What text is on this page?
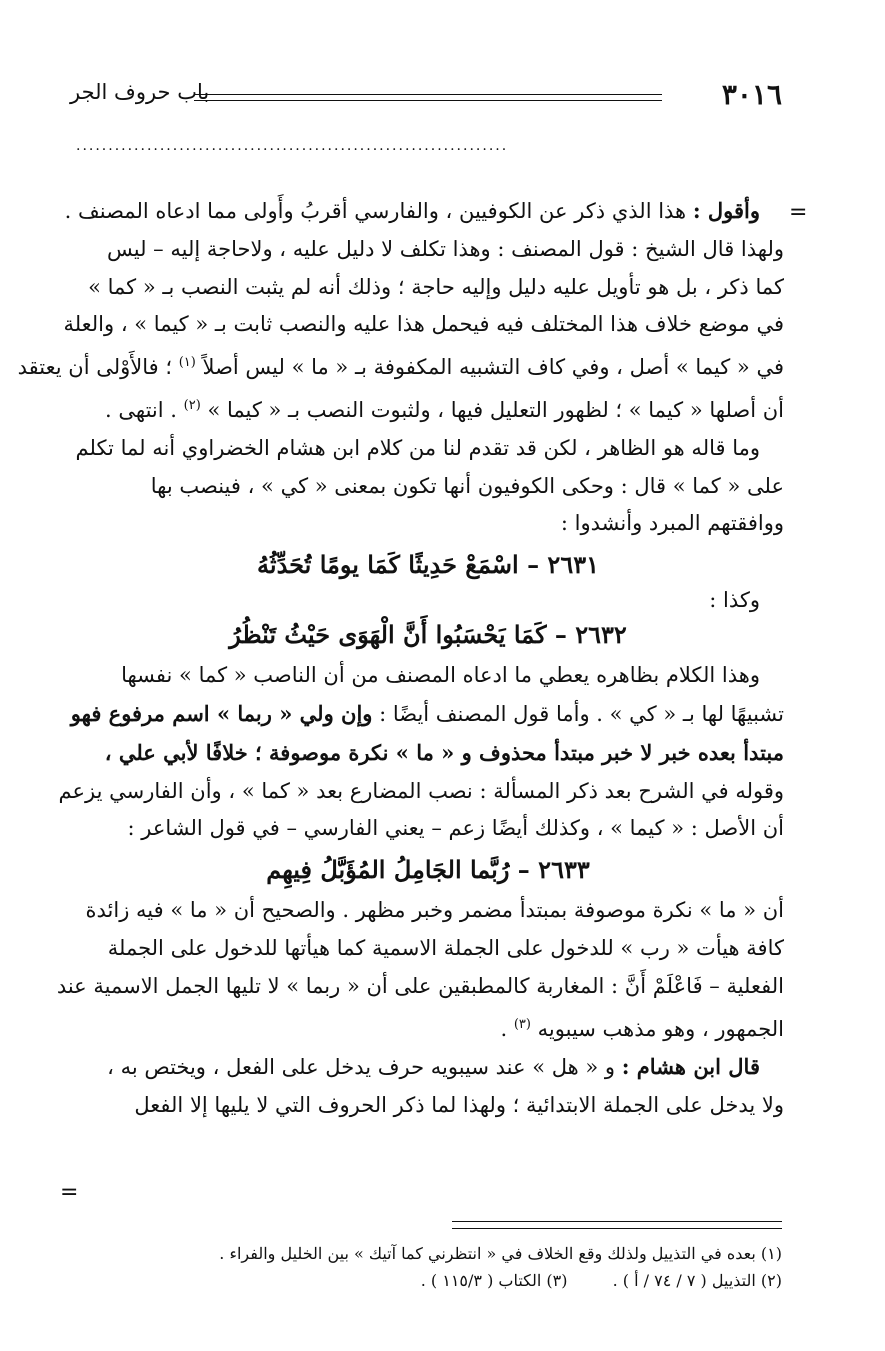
٣٠١٦
باب حروف الجر
...................................................................
=
=
وأقول : هذا الذي ذكر عن الكوفيين ، والفارسي أقربُ وأَولى مما ادعاه المصنف .
ولهذا قال الشيخ : قول المصنف : وهذا تكلف لا دليل عليه ، ولاحاجة إليه – ليس
كما ذكر ، بل هو تأويل عليه دليل وإليه حاجة ؛ وذلك أنه لم يثبت النصب بـ « كما »
في موضع خلاف هذا المختلف فيه فيحمل هذا عليه والنصب ثابت بـ « كيما » ، والعلة
في « كيما » أصل ، وفي كاف التشبيه المكفوفة بـ « ما » ليس أصلاً $^{(١)}$ ؛ فالأَوْلى أن يعتقد
أن أصلها « كيما » ؛ لظهور التعليل فيها ، ولثبوت النصب بـ « كيما » $^{(٢)}$ . انتهى .
وما قاله هو الظاهر ، لكن قد تقدم لنا من كلام ابن هشام الخضراوي أنه لما تكلم
على « كما » قال : وحكى الكوفيون أنها تكون بمعنى « كي » ، فينصب بها
ووافقتهم المبرد وأنشدوا :
٢٦٣١ – اسْمَعْ حَدِيثًا كَمَا يومًا تُحَدِّثُهُ
وكذا :
٢٦٣٢ – كَمَا يَحْسَبُوا أَنَّ الْهَوَى حَيْثُ تَنْظُرُ
وهذا الكلام بظاهره يعطي ما ادعاه المصنف من أن الناصب « كما » نفسها
تشبيهًا لها بـ « كي » . وأما قول المصنف أيضًا : وإن ولي « ربما » اسم مرفوع فهو
مبتدأ بعده خبر لا خبر مبتدأ محذوف و « ما » نكرة موصوفة ؛ خلافًا لأبي علي ،
وقوله في الشرح بعد ذكر المسألة : نصب المضارع بعد « كما » ، وأن الفارسي يزعم
أن الأصل : « كيما » ، وكذلك أيضًا زعم – يعني الفارسي – في قول الشاعر :
٢٦٣٣ – رُبَّما الجَامِلُ المُؤَبَّلُ فِيهِم
أن « ما » نكرة موصوفة بمبتدأ مضمر وخبر مظهر . والصحيح أن « ما » فيه زائدة
كافة هيأت « رب » للدخول على الجملة الاسمية كما هيأتها للدخول على الجملة
الفعلية – فَاعْلَمْ أَنَّ : المغاربة كالمطبقين على أن « ربما » لا تليها الجمل الاسمية عند
الجمهور ، وهو مذهب سيبويه $^{(٣)}$ .
قال ابن هشام : و « هل » عند سيبويه حرف يدخل على الفعل ، ويختص به ،
ولا يدخل على الجملة الابتدائية ؛ ولهذا لما ذكر الحروف التي لا يليها إلا الفعل
(١) بعده في التذييل ولذلك وقع الخلاف في « انتظرني كما آتيك » بين الخليل والفراء .
(٢) التذييل ( ٧ / ٧٤ / أ ) . (٣) الكتاب ( ١١٥/٣ ) .
